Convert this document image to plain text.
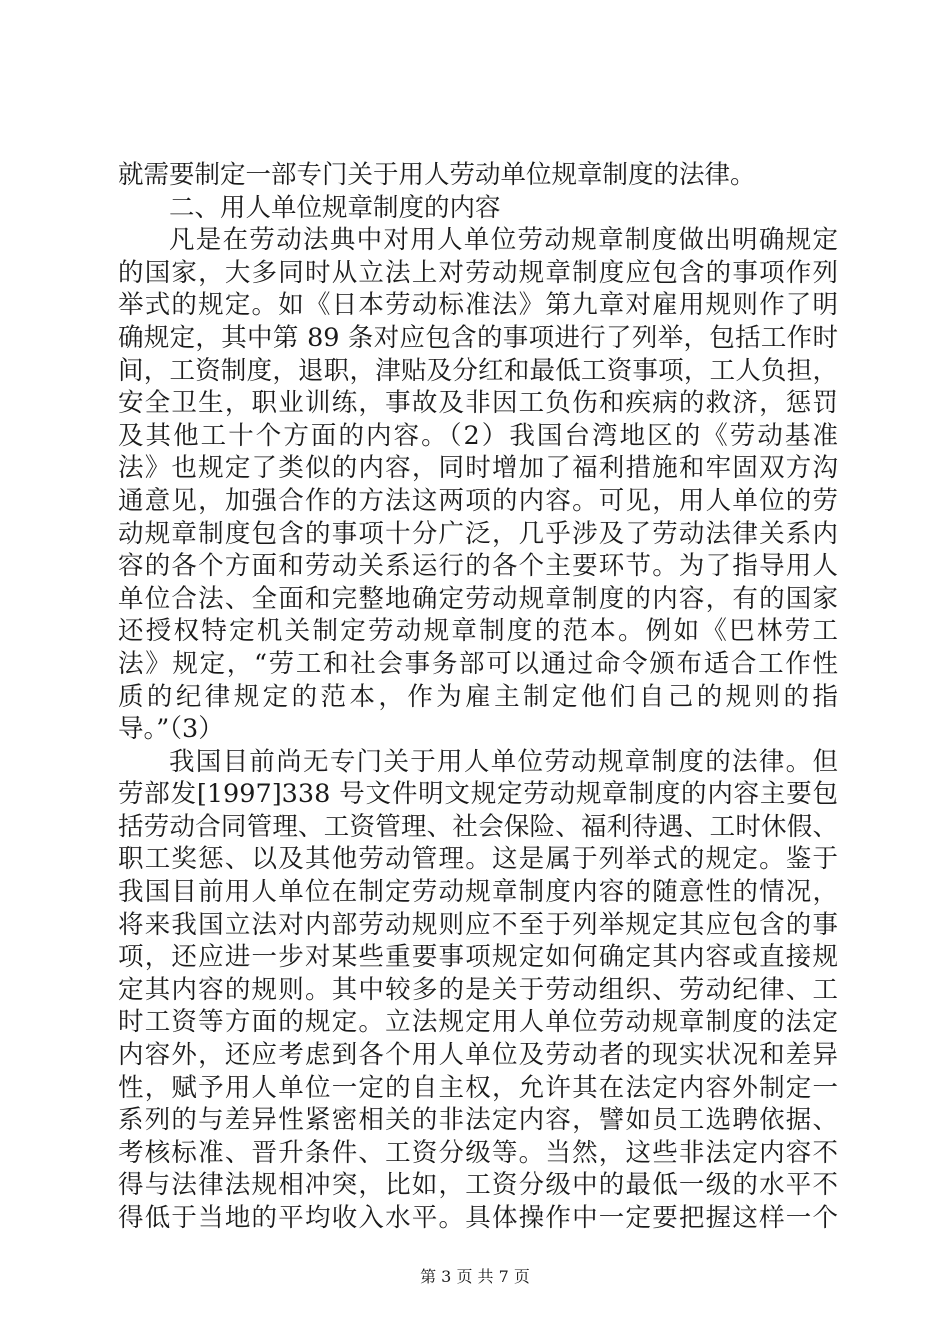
就需要制定一部专门关于用人劳动单位规章制度的法律。
二、用人单位规章制度的内容
凡是在劳动法典中对用人单位劳动规章制度做出明确规定
的国家，大多同时从立法上对劳动规章制度应包含的事项作列
举式的规定。如《日本劳动标准法》第九章对雇用规则作了明
确规定，其中第 89 条对应包含的事项进行了列举，包括工作时
间，工资制度，退职，津贴及分红和最低工资事项，工人负担，
安全卫生，职业训练，事故及非因工负伤和疾病的救济，惩罚
及其他工十个方面的内容。（2）我国台湾地区的《劳动基准
法》也规定了类似的内容，同时增加了福利措施和牢固双方沟
通意见，加强合作的方法这两项的内容。可见，用人单位的劳
动规章制度包含的事项十分广泛，几乎涉及了劳动法律关系内
容的各个方面和劳动关系运行的各个主要环节。为了指导用人
单位合法、全面和完整地确定劳动规章制度的内容，有的国家
还授权特定机关制定劳动规章制度的范本。例如《巴林劳工
法》规定，“劳工和社会事务部可以通过命令颁布适合工作性
质的纪律规定的范本，作为雇主制定他们自己的规则的指
导。”（3）
我国目前尚无专门关于用人单位劳动规章制度的法律。但
劳部发[1997]338 号文件明文规定劳动规章制度的内容主要包
括劳动合同管理、工资管理、社会保险、福利待遇、工时休假、
职工奖惩、以及其他劳动管理。这是属于列举式的规定。鉴于
我国目前用人单位在制定劳动规章制度内容的随意性的情况，
将来我国立法对内部劳动规则应不至于列举规定其应包含的事
项，还应进一步对某些重要事项规定如何确定其内容或直接规
定其内容的规则。其中较多的是关于劳动组织、劳动纪律、工
时工资等方面的规定。立法规定用人单位劳动规章制度的法定
内容外，还应考虑到各个用人单位及劳动者的现实状况和差异
性，赋予用人单位一定的自主权，允许其在法定内容外制定一
系列的与差异性紧密相关的非法定内容，譬如员工选聘依据、
考核标准、晋升条件、工资分级等。当然，这些非法定内容不
得与法律法规相冲突，比如，工资分级中的最低一级的水平不
得低于当地的平均收入水平。具体操作中一定要把握这样一个
第 3 页 共 7 页
